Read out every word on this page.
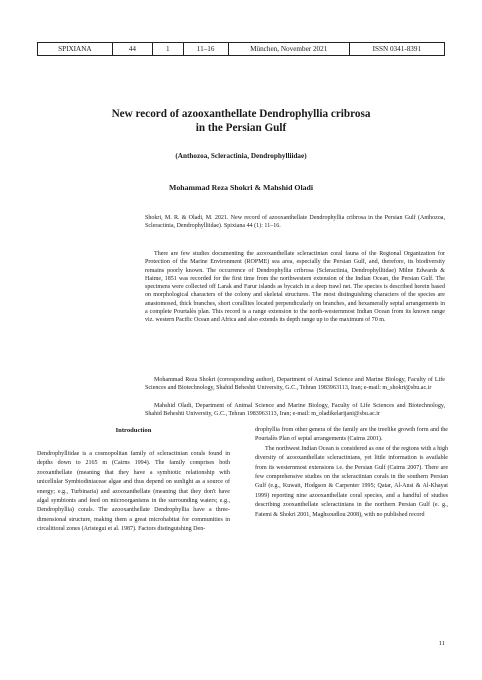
SPIXIANA	44	1	11–16	München, November 2021	ISSN 0341-8391
New record of azooxanthellate Dendrophyllia cribrosa
in the Persian Gulf
(Anthozoa, Scleractinia, Dendrophylliidae)
Mohammad Reza Shokri & Mahshid Oladi

Shokri, M. R. & Oladi, M. 2021. New record of azooxanthellate Dendrophyllia cribrosa in the Persian Gulf (Anthozoa, Scleractinia, Dendrophylliidae). Spixiana 44 (1): 11–16.

There are few studies documenting the azooxanthellate scleractinian coral fauna of the Regional Organization for Protection of the Marine Environment (ROPME) sea area, especially the Persian Gulf, and, therefore, its biodiversity remains poorly known. The occurrence of Dendrophyllia cribrosa (Scleractinia, Dendrophylliidae) Milne Edwards & Haime, 1851 was recorded for the first time from the northwestern extension of the Indian Ocean, the Persian Gulf. The specimens were collected off Larak and Farur islands as bycatch in a deep trawl net. The species is described herein based on morphological characters of the colony and skeletal structures. The most distinguishing characters of the species are anastomosed, thick branches, short corallites located perpendicularly on branches, and hexamerally septal arrangements in a complete Pourtalès plan. This record is a range extension to the north-westernmost Indian Ocean from its known range viz. western Pacific Ocean and Africa and also extends its depth range up to the maximum of 70 m.

Mohammad Reza Shokri (corresponding author), Department of Animal Science and Marine Biology, Faculty of Life Sciences and Biotechnology, Shahid Beheshti University, G.C., Tehran 1983963113, Iran; e-mail: m_shokri@sbu.ac.ir

Mahshid Oladi, Department of Animal Science and Marine Biology, Faculty of Life Sciences and Biotechnology, Shahid Beheshti University, G.C., Tehran 1983963113, Iran; e-mail: m_oladikelarijani@sbu.ac.ir

Introduction

Dendrophylliidae is a cosmopolitan family of scleractinian corals found in depths down to 2165 m (Cairns 1994). The family comprises both zooxanthellate (meaning that they have a symbiotic relationship with unicellular Symbiodiniaceae algae and thus depend on sunlight as a source of energy; e.g., Turbinaria) and azooxanthellate (meaning that they don't have algal symbionts and feed on microorganisms in the surrounding waters; e.g., Dendrophyllia) corals. The azooxanthellate Dendrophyllia have a three-dimensional structure, making them a great microhabitat for communities in circalittoral zones (Aristegui et al. 1987). Factors distinguishing Den-

drophyllia from other genera of the family are the treelike growth form and the Pourtalès Plan of septal arrangements (Cairns 2001).

The northwest Indian Ocean is considered as one of the regions with a high diversity of azooxanthellate scleractinians, yet little information is available from its westernmost extensions i.e. the Persian Gulf (Cairns 2007). There are few comprehensive studies on the scleractinian corals in the southern Persian Gulf (e.g., Kuwait, Hodgson & Carpenter 1995; Qatar, Al-Ansi & Al-Khayat 1999) reporting nine azooxanthellate coral species, and a handful of studies describing zooxanthellate scleractinians in the northern Persian Gulf (e. g., Fatemi & Shokri 2001, Maghsoudlou 2008), with no published record

11
